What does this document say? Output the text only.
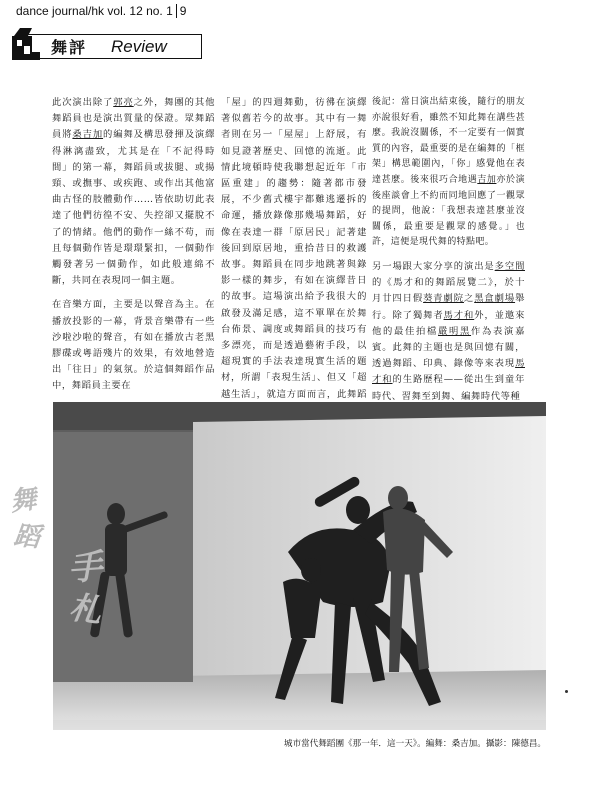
dance journal/hk vol. 12 no. 1 9
舞評 Review

此次演出除了郭亮之外，舞團的其他舞蹈員也是演出質量的保證。眾舞蹈員將桑吉加的編舞及構思發揮及演繹得淋漓盡致，尤其是在「不記得時間」的第一幕，舞蹈員或拔腿、或揚頸、或撫事、或疾跑、或作出其他富曲古怪的肢體動作……皆依助切此表達了他們彷徨不安、失控卻又擺脫不了的情緒。他們的動作一絲不苟，而且每個動作皆是環環緊扣，一個動作觸發著另一個動作，如此般連綿不斷，共同在表現同一個主題。

在音樂方面，主要是以聲音為主。在播放投影的一幕，背景音樂帶有一些沙啦沙啦的聲音，有如在播放古老黑膠碟或粵語殘片的效果，有效地營造出「往日」的氣氛。於這個舞蹈作品中，舞蹈員主要在

「屋」的四週舞動，彷彿在演繹著似舊若今的故事。其中有一舞者則在另一「屋屋」上舒展，有如見證著歷史、回憶的流逝。此情此境頓時使我聯想起近年「市區重建」的趨勢：隨著都市發展，不少舊式樓宇都難逃遷拆的命運，播放錄像那幾場舞蹈，好像在表達一群「原居民」記著建後回到原居地，重拾昔日的救護故事。舞蹈員在同步地跳著與錄影一樣的舞步，有如在演繹昔日的故事。這場演出給予我很大的啟發及滿足感，這不單單在於舞台佈景、調度或舞蹈員的技巧有多漂亮，而是透過藝術手段，以超現實的手法表達現實生活的題材，所謂「表現生活」、但又「超越生活」，就這方面而言，此舞蹈

後記：當日演出結束後，隨行的朋友亦說很好看，雖然不知此舞在講些甚麼。我說沒關係，不一定要有一個實質的內容，最重要的是在編舞的「框架」構思範圍內，「你」感覺他在表達甚麼。後來很巧合地遇吉加亦於演後座談會上不約而同地回應了一觀眾的提問，他說：「我想表達甚麼並沒關係，最重要是觀眾的感覺。」也許，這便是現代舞的特點吧。

另一場跟大家分享的演出是多空間的《馬才和的舞蹈展覽二》，於十月廿四日假葵青劇院之黑盒劇場舉行。除了獨舞者馬才和外，並邀來他的最佳拍檔嚴明黑作為表演嘉賓。此舞的主題也是與回憶有關，透過舞蹈、印典、錄像等來表現馬才和的生路歷程——從出生到童年時代、習舞至到舞、編舞時代等種

舞
蹈
手
札
城市當代舞蹈團《那一年．這一天》。編舞：桑吉加。攝影：陳德昌。
